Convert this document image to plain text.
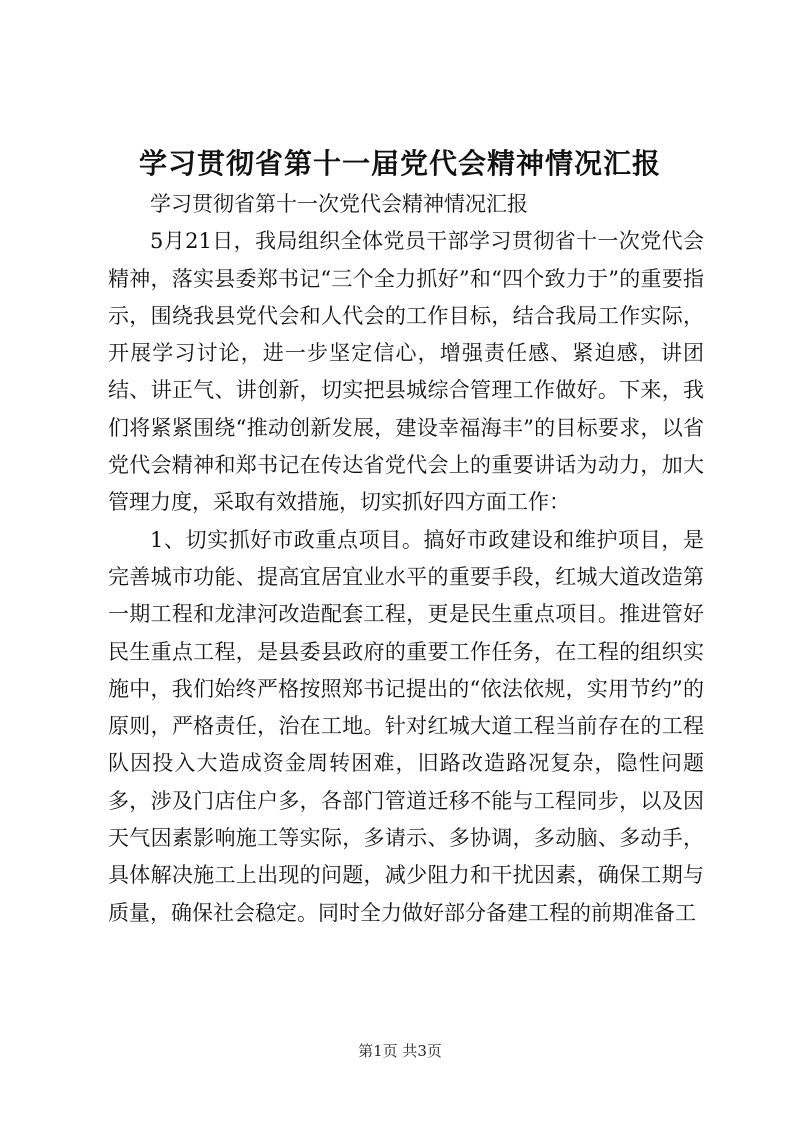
学习贯彻省第十一届党代会精神情况汇报

学习贯彻省第十一次党代会精神情况汇报

5月21日，我局组织全体党员干部学习贯彻省十一次党代会精神，落实县委郑书记“三个全力抓好”和“四个致力于”的重要指示，围绕我县党代会和人代会的工作目标，结合我局工作实际，开展学习讨论，进一步坚定信心，增强责任感、紧迫感，讲团结、讲正气、讲创新，切实把县城综合管理工作做好。下来，我们将紧紧围绕“推动创新发展，建设幸福海丰”的目标要求，以省党代会精神和郑书记在传达省党代会上的重要讲话为动力，加大管理力度，采取有效措施，切实抓好四方面工作：

1、切实抓好市政重点项目。搞好市政建设和维护项目，是完善城市功能、提高宜居宜业水平的重要手段，红城大道改造第一期工程和龙津河改造配套工程，更是民生重点项目。推进管好民生重点工程，是县委县政府的重要工作任务，在工程的组织实施中，我们始终严格按照郑书记提出的“依法依规，实用节约”的原则，严格责任，治在工地。针对红城大道工程当前存在的工程队因投入大造成资金周转困难，旧路改造路况复杂，隐性问题多，涉及门店住户多，各部门管道迁移不能与工程同步，以及因天气因素影响施工等实际，多请示、多协调，多动脑、多动手，具体解决施工上出现的问题，减少阻力和干扰因素，确保工期与质量，确保社会稳定。同时全力做好部分备建工程的前期准备工

第1页 共3页
